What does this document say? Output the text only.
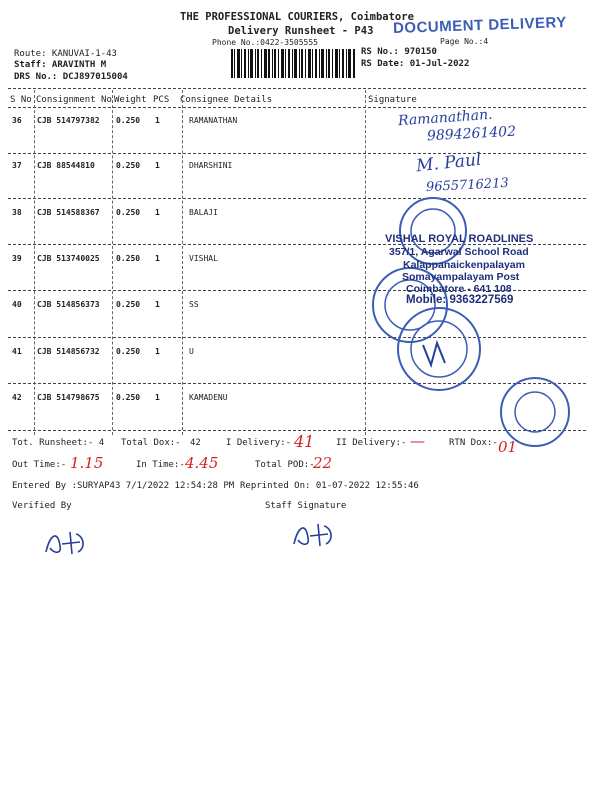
THE PROFESSIONAL COURIERS, Coimbatore
Delivery Runsheet - P43
Phone No.:0422-3505555	Page No.:4
DOCUMENT DELIVERY
Route: KANUVAI-1-43
Staff: ARAVINTH M
DRS No.: DCJ897015004
RS No.: 970150
RS Date: 01-Jul-2022
S No Consignment No Weight PCS Consignee Details	Signature
36 CJB 514797382 0.250 1	RAMANATHAN
37 CJB 88544810	0.250 1	DHARSHINI
38 CJB 514588367 0.250 1	BALAJI
39 CJB 513740025 0.250 1	VISHAL
40 CJB 514856373 0.250 1	SS
41 CJB 514856732 0.250 1	U
42 CJB 514798675 0.250 1	KAMADENU
Ramanathan.
9894261402
M. Paul
9655716213
VISHAL ROYAL ROADLINES
357/1, Agarwal School Road
Kalappanaickenpalayam
Somayampalayam Post
Coimbatore - 641 108
Mobile: 9363227569
Tot. Runsheet:- 4 Total Dox:- 42	I Delivery:- 41 II Delivery:- —	RTN Dox:- 01
Out Time:- 1.15	In Time:- 4.45	Total POD:-
22
Entered By :SURYAP43 7/1/2022 12:54:28 PM Reprinted On: 01-07-2022 12:55:46
Verified By	Staff Signature
